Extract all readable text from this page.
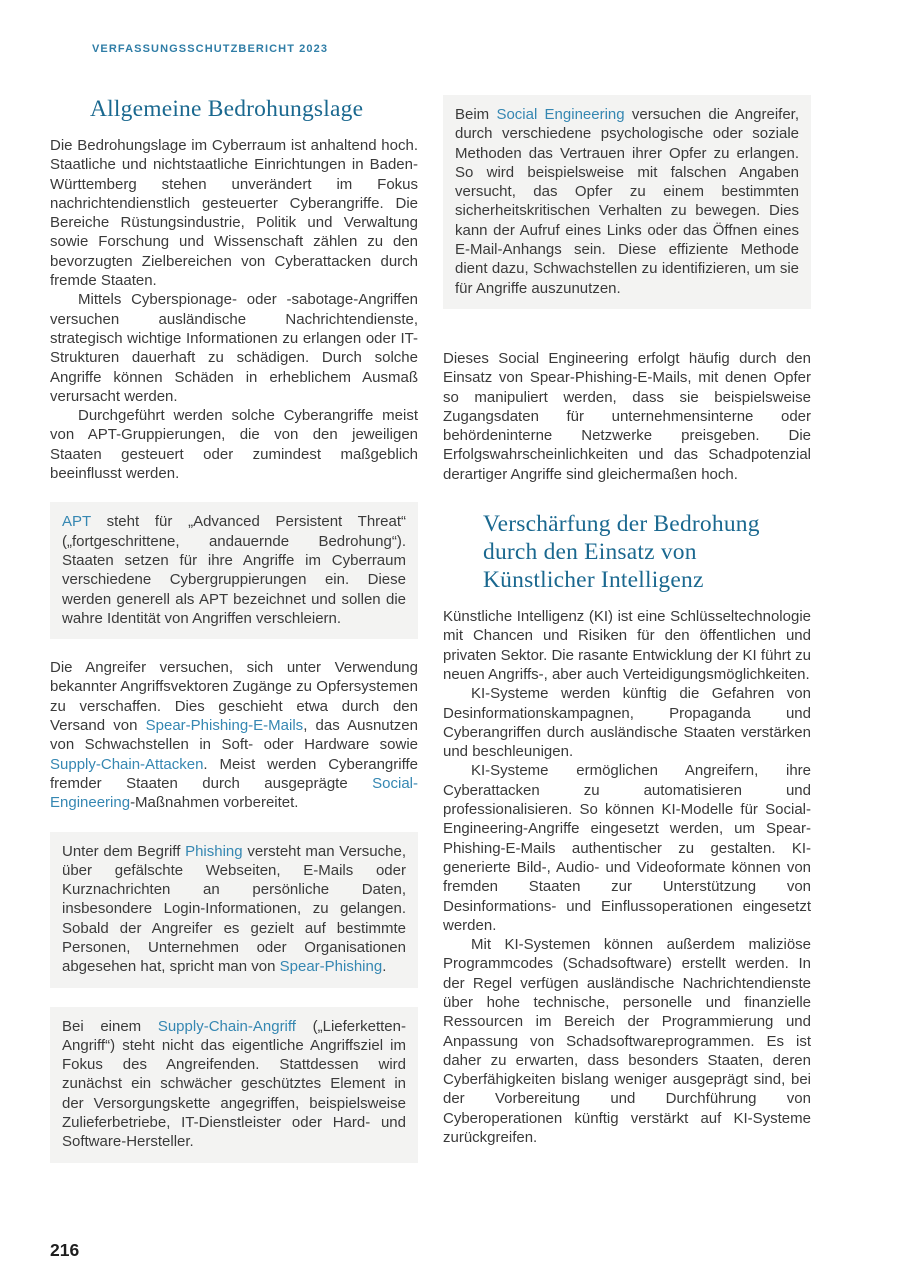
VERFASSUNGSSCHUTZBERICHT 2023
Allgemeine Bedrohungslage
Die Bedrohungslage im Cyberraum ist anhaltend hoch. Staatliche und nichtstaatliche Einrichtungen in Baden-Württemberg stehen unverändert im Fokus nachrichtendienstlich gesteuerter Cyberangriffe. Die Bereiche Rüstungsindustrie, Politik und Verwaltung sowie Forschung und Wissenschaft zählen zu den bevorzugten Zielbereichen von Cyberattacken durch fremde Staaten.
Mittels Cyberspionage- oder -sabotage-Angriffen versuchen ausländische Nachrichtendienste, strategisch wichtige Informationen zu erlangen oder IT-Strukturen dauerhaft zu schädigen. Durch solche Angriffe können Schäden in erheblichem Ausmaß verursacht werden.
Durchgeführt werden solche Cyberangriffe meist von APT-Gruppierungen, die von den jeweiligen Staaten gesteuert oder zumindest maßgeblich beeinflusst werden.
APT steht für „Advanced Persistent Threat“ („fortgeschrittene, andauernde Bedrohung“). Staaten setzen für ihre Angriffe im Cyberraum verschiedene Cybergruppierungen ein. Diese werden generell als APT bezeichnet und sollen die wahre Identität von Angriffen verschleiern.
Die Angreifer versuchen, sich unter Verwendung bekannter Angriffsvektoren Zugänge zu Opfersystemen zu verschaffen. Dies geschieht etwa durch den Versand von Spear-Phishing-E-Mails, das Ausnutzen von Schwachstellen in Soft- oder Hardware sowie Supply-Chain-Attacken. Meist werden Cyberangriffe fremder Staaten durch ausgeprägte Social-Engineering-Maßnahmen vorbereitet.
Unter dem Begriff Phishing versteht man Versuche, über gefälschte Webseiten, E-Mails oder Kurznachrichten an persönliche Daten, insbesondere Login-Informationen, zu gelangen. Sobald der Angreifer es gezielt auf bestimmte Personen, Unternehmen oder Organisationen abgesehen hat, spricht man von Spear-Phishing.
Bei einem Supply-Chain-Angriff („Lieferketten-Angriff“) steht nicht das eigentliche Angriffsziel im Fokus des Angreifenden. Stattdessen wird zunächst ein schwächer geschütztes Element in der Versorgungskette angegriffen, beispielsweise Zulieferbetriebe, IT-Dienstleister oder Hard- und Software-Hersteller.
Beim Social Engineering versuchen die Angreifer, durch verschiedene psychologische oder soziale Methoden das Vertrauen ihrer Opfer zu erlangen. So wird beispielsweise mit falschen Angaben versucht, das Opfer zu einem bestimmten sicherheitskritischen Verhalten zu bewegen. Dies kann der Aufruf eines Links oder das Öffnen eines E-Mail-Anhangs sein. Diese effiziente Methode dient dazu, Schwachstellen zu identifizieren, um sie für Angriffe auszunutzen.
Dieses Social Engineering erfolgt häufig durch den Einsatz von Spear-Phishing-E-Mails, mit denen Opfer so manipuliert werden, dass sie beispielsweise Zugangsdaten für unternehmensinterne oder behördeninterne Netzwerke preisgeben. Die Erfolgswahrscheinlichkeiten und das Schadpotenzial derartiger Angriffe sind gleichermaßen hoch.
Verschärfung der Bedrohung durch den Einsatz von Künstlicher Intelligenz
Künstliche Intelligenz (KI) ist eine Schlüsseltechnologie mit Chancen und Risiken für den öffentlichen und privaten Sektor. Die rasante Entwicklung der KI führt zu neuen Angriffs-, aber auch Verteidigungsmöglichkeiten.
KI-Systeme werden künftig die Gefahren von Desinformationskampagnen, Propaganda und Cyberangriffen durch ausländische Staaten verstärken und beschleunigen.
KI-Systeme ermöglichen Angreifern, ihre Cyberattacken zu automatisieren und professionalisieren. So können KI-Modelle für Social-Engineering-Angriffe eingesetzt werden, um Spear-Phishing-E-Mails authentischer zu gestalten. KI-generierte Bild-, Audio- und Videoformate können von fremden Staaten zur Unterstützung von Desinformations- und Einflussoperationen eingesetzt werden.
Mit KI-Systemen können außerdem maliziöse Programmcodes (Schadsoftware) erstellt werden. In der Regel verfügen ausländische Nachrichtendienste über hohe technische, personelle und finanzielle Ressourcen im Bereich der Programmierung und Anpassung von Schadsoftwareprogrammen. Es ist daher zu erwarten, dass besonders Staaten, deren Cyberfähigkeiten bislang weniger ausgeprägt sind, bei der Vorbereitung und Durchführung von Cyberoperationen künftig verstärkt auf KI-Systeme zurückgreifen.
216
